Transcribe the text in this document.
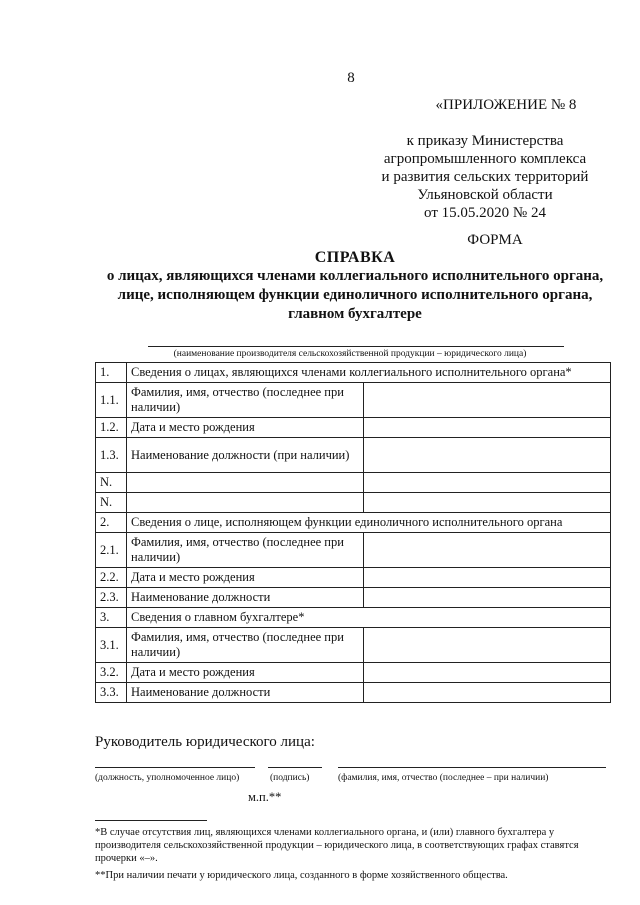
8
«ПРИЛОЖЕНИЕ № 8
к приказу Министерства
агропромышленного комплекса
и развития сельских территорий
Ульяновской области
от 15.05.2020 № 24
ФОРМА
СПРАВКА
о лицах, являющихся членами коллегиального исполнительного органа,
лице, исполняющем функции единоличного исполнительного органа,
главном бухгалтере
(наименование производителя сельскохозяйственной продукции – юридического лица)
1.	Сведения о лицах, являющихся членами коллегиального исполнительного органа*	
1.1.	Фамилия, имя, отчество (последнее при наличии)	
1.2.	Дата и место рождения	
1.3.	Наименование должности (при наличии)	
N.		
N.		
2.	Сведения о лице, исполняющем функции единоличного исполнительного органа	
2.1.	Фамилия, имя, отчество (последнее при наличии)	
2.2.	Дата и место рождения	
2.3.	Наименование должности	
3.	Сведения о главном бухгалтере*	
3.1.	Фамилия, имя, отчество (последнее при наличии)	
3.2.	Дата и место рождения	
3.3.	Наименование должности	
Руководитель юридического лица:
(должность, уполномоченное лицо)	(подпись)	(фамилия, имя, отчество (последнее – при наличии)
м.п.**

*В случае отсутствия лиц, являющихся членами коллегиального органа, и (или) главного бухгалтера у производителя сельскохозяйственной продукции – юридического лица, в соответствующих графах ставятся прочерки «–».

**При наличии печати у юридического лица, созданного в форме хозяйственного общества.
